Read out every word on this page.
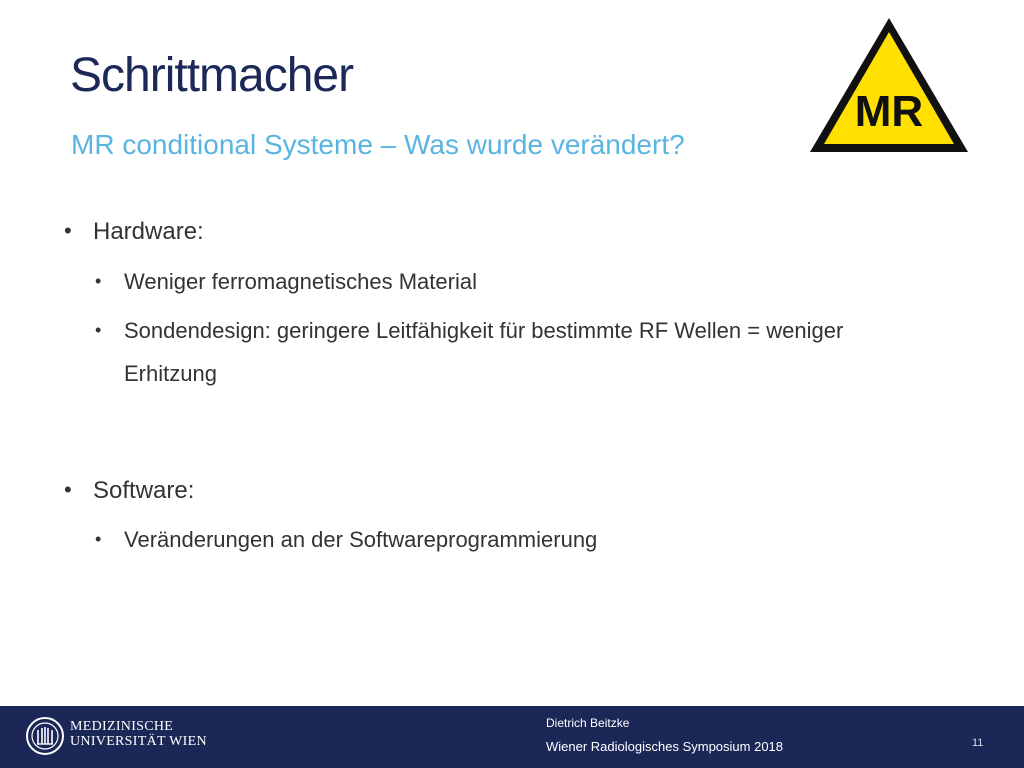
Schrittmacher
MR conditional Systeme – Was wurde verändert?
MR
• Hardware:
• Weniger ferromagnetisches Material
• Sondendesign: geringere Leitfähigkeit für bestimmte RF Wellen = weniger
Erhitzung
• Software:
• Veränderungen an der Softwareprogrammierung
MEDIZINISCHE
UNIVERSITÄT WIEN
Dietrich Beitzke
Wiener Radiologisches Symposium 2018	11
